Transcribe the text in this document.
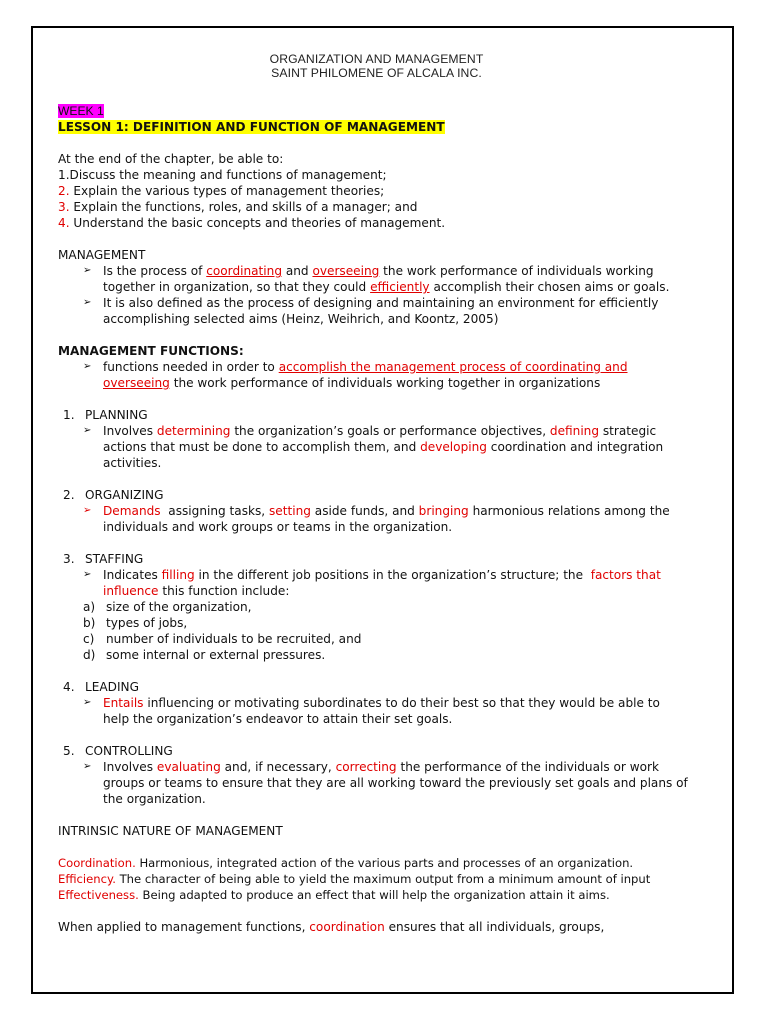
ORGANIZATION AND MANAGEMENT
SAINT PHILOMENE OF ALCALA INC.
WEEK 1
LESSON 1: DEFINITION AND FUNCTION OF MANAGEMENT
At the end of the chapter, be able to:
1.Discuss the meaning and functions of management;
2. Explain the various types of management theories;
3. Explain the functions, roles, and skills of a manager; and
4. Understand the basic concepts and theories of management.
MANAGEMENT
➢ Is the process of coordinating and overseeing the work performance of individuals working
together in organization, so that they could efficiently accomplish their chosen aims or goals.
➢ It is also defined as the process of designing and maintaining an environment for efficiently
accomplishing selected aims (Heinz, Weihrich, and Koontz, 2005)
MANAGEMENT FUNCTIONS:
➢ functions needed in order to accomplish the management process of coordinating and
overseeing the work performance of individuals working together in organizations
1. PLANNING
➢ Involves determining the organization’s goals or performance objectives, defining strategic
actions that must be done to accomplish them, and developing coordination and integration
activities.
2. ORGANIZING
➢ Demands  assigning tasks, setting aside funds, and bringing harmonious relations among the
individuals and work groups or teams in the organization.
3. STAFFING
➢ Indicates filling in the different job positions in the organization’s structure; the  factors that
influence this function include:
a) size of the organization,
b) types of jobs,
c) number of individuals to be recruited, and
d) some internal or external pressures.
4. LEADING
➢ Entails influencing or motivating subordinates to do their best so that they would be able to
help the organization’s endeavor to attain their set goals.
5. CONTROLLING
➢ Involves evaluating and, if necessary, correcting the performance of the individuals or work
groups or teams to ensure that they are all working toward the previously set goals and plans of
the organization.
INTRINSIC NATURE OF MANAGEMENT
Coordination. Harmonious, integrated action of the various parts and processes of an organization.
Efficiency. The character of being able to yield the maximum output from a minimum amount of input
Effectiveness. Being adapted to produce an effect that will help the organization attain it aims.
When applied to management functions, coordination ensures that all individuals, groups,
